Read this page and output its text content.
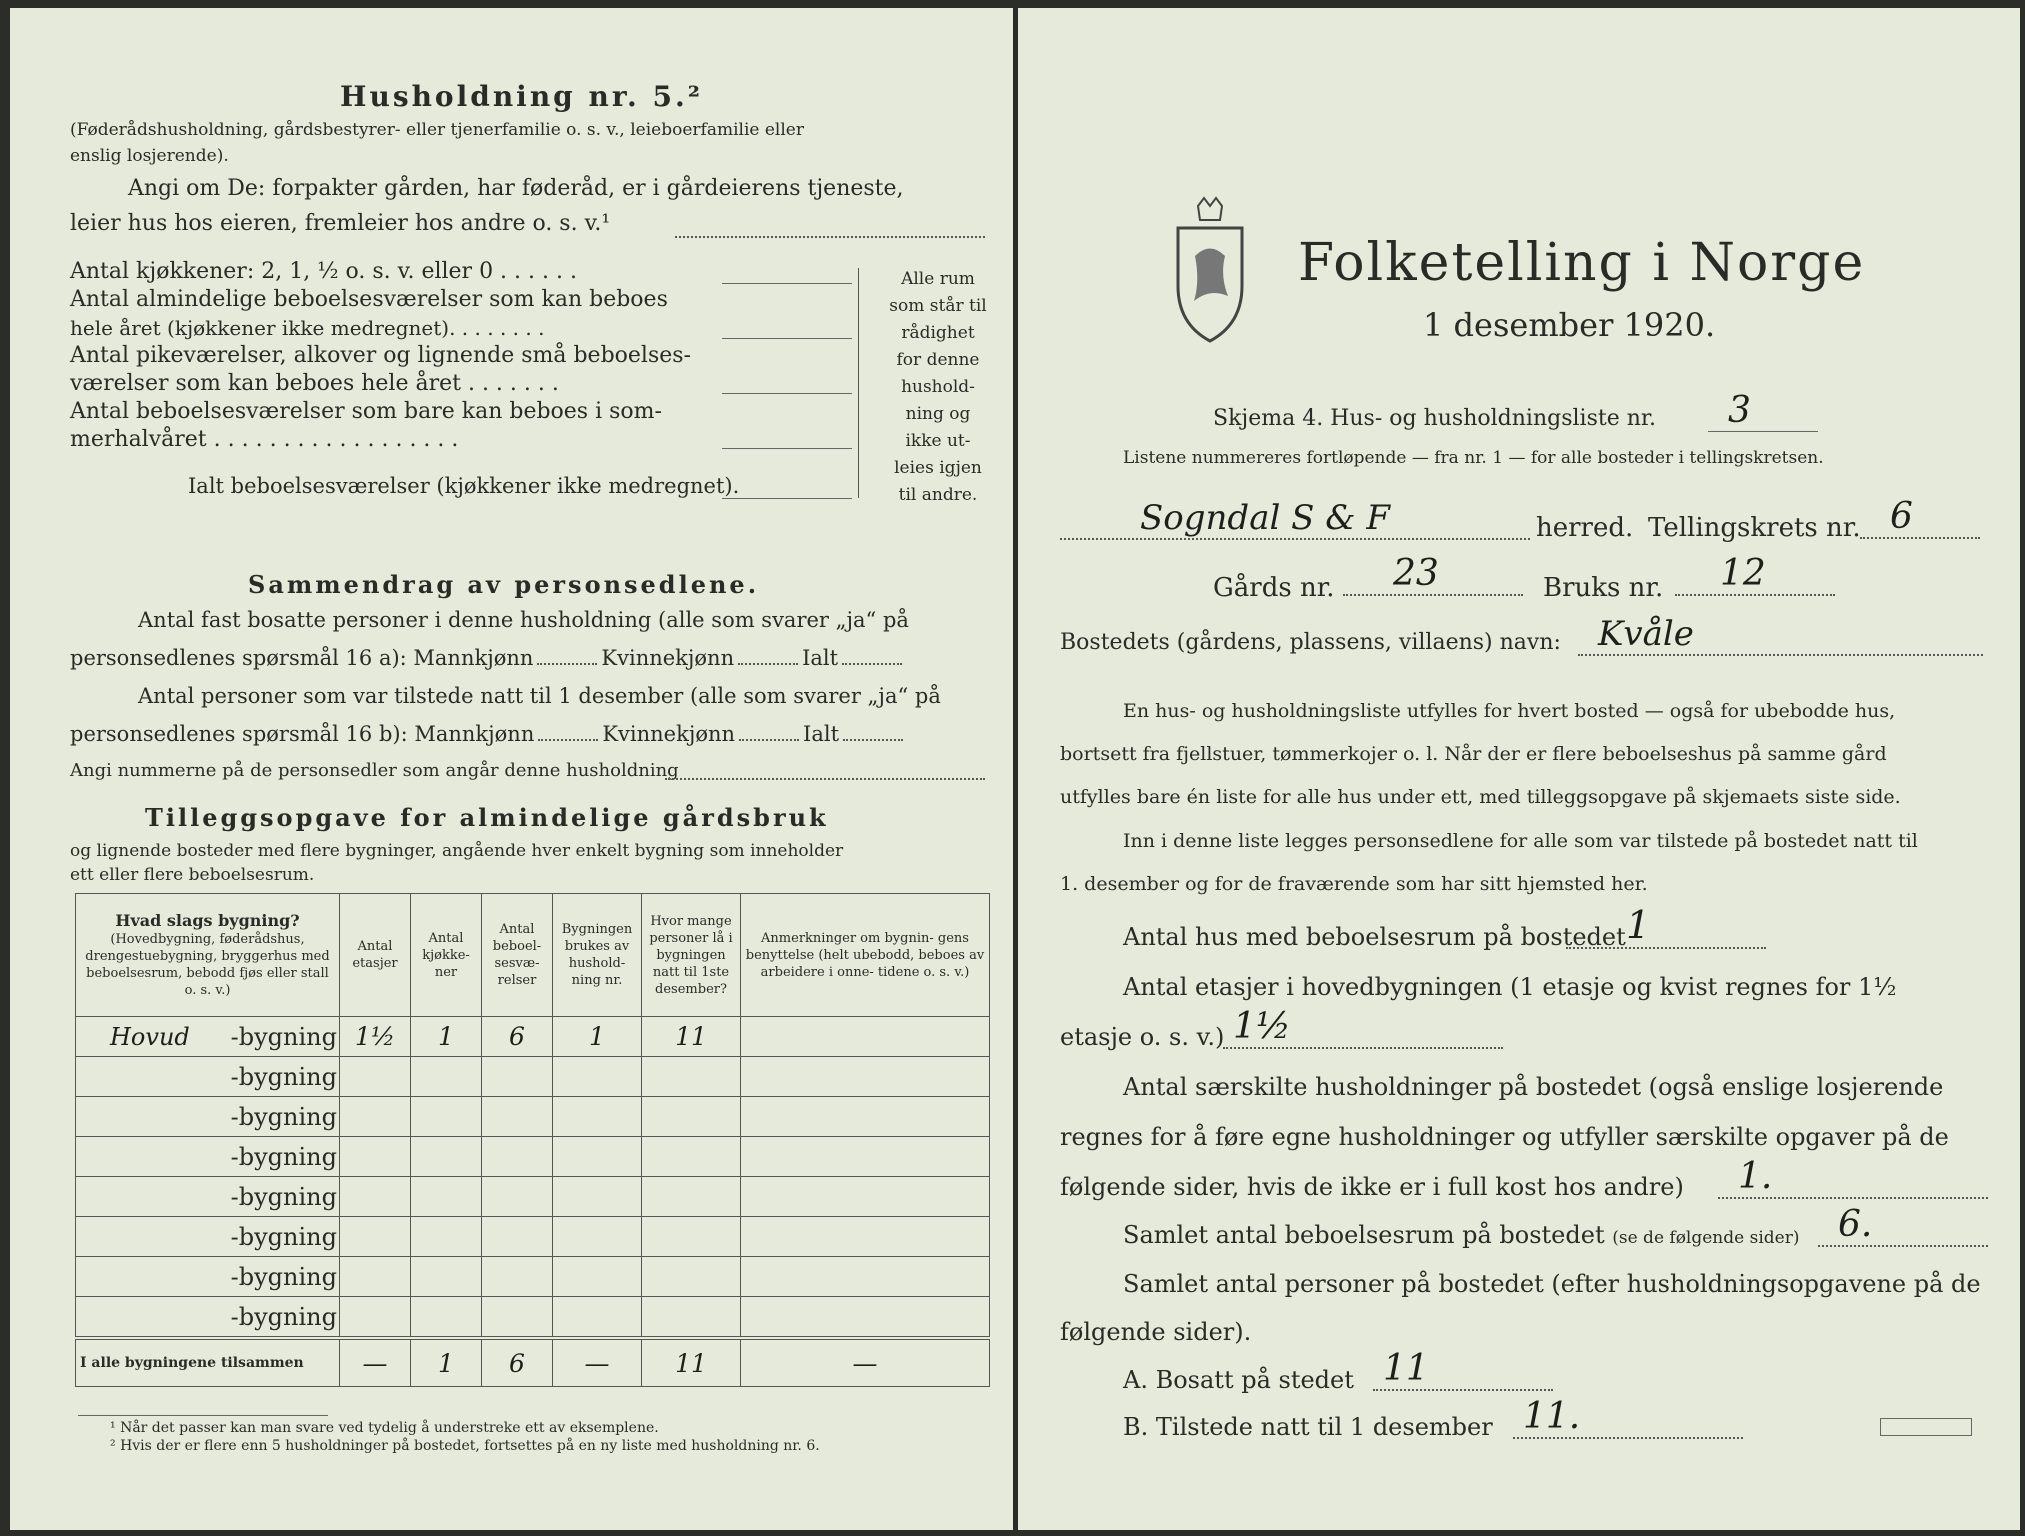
Husholdning nr. 5.²
(Føderådshusholdning, gårdsbestyrer- eller tjenerfamilie o. s. v., leieboerfamilie eller
enslig losjerende).
Angi om De: forpakter gården, har føderåd, er i gårdeierens tjeneste,
leier hus hos eieren, fremleier hos andre o. s. v.¹
Antal kjøkkener: 2, 1, ½ o. s. v. eller 0 . . . . . .
Antal almindelige beboelsesværelser som kan beboes
hele året (kjøkkener ikke medregnet). . . . . . . .
Antal pikeværelser, alkover og lignende små beboelses-
værelser som kan beboes hele året . . . . . . .
Antal beboelsesværelser som bare kan beboes i som-
merhalvåret . . . . . . . . . . . . . . . . . .
Ialt beboelsesværelser (kjøkkener ikke medregnet).
Alle rum
som står til
rådighet
for denne
hushold-
ning og
ikke ut-
leies igjen
til andre.
Sammendrag av personsedlene.
Antal fast bosatte personer i denne husholdning (alle som svarer „ja“ på
personsedlenes spørsmål 16 a): Mannkjønn	Kvinnekjønn	Ialt
Antal personer som var tilstede natt til 1 desember (alle som svarer „ja“ på
personsedlenes spørsmål 16 b): Mannkjønn	Kvinnekjønn	Ialt
Angi nummerne på de personsedler som angår denne husholdning
Tilleggsopgave for almindelige gårdsbruk
og lignende bosteder med flere bygninger, angående hver enkelt bygning som inneholder
ett eller flere beboelsesrum.
Hvad slags bygning?
(Hovedbygning, føderådshus, drengestuebygning, bryggerhus med beboelsesrum, bebodd fjøs eller stall o. s. v.)	Antal etasjer	Antal kjøkke- ner	Antal beboel- sesvæ- relser	Bygningen brukes av hushold- ning nr.	Hvor mange personer lå i bygningen natt til 1ste desember?	Anmerkninger om bygnin- gens benyttelse (helt ubebodd, beboes av arbeidere i onne- tidene o. s. v.)

Hovud -bygning	1½	1	6	1	11	
-bygning						
-bygning						
-bygning						
-bygning						
-bygning						
-bygning						
-bygning						
I alle bygningene tilsammen	—	1	6	—	11	—
¹ Når det passer kan man svare ved tydelig å understreke ett av eksemplene.
² Hvis der er flere enn 5 husholdninger på bostedet, fortsettes på en ny liste med husholdning nr. 6.
Folketelling i Norge
1 desember 1920.
Skjema 4. Hus- og husholdningsliste nr.	3
Listene nummereres fortløpende — fra nr. 1 — for alle bosteder i tellingskretsen.
Sogndal S & F	herred. Tellingskrets nr. 6
Gårds nr.	23	Bruks nr.	12
Bostedets (gårdens, plassens, villaens) navn:	Kvåle
En hus- og husholdningsliste utfylles for hvert bosted — også for ubebodde hus,
bortsett fra fjellstuer, tømmerkojer o. l. Når der er flere beboelseshus på samme gård
utfylles bare én liste for alle hus under ett, med tilleggsopgave på skjemaets siste side.
Inn i denne liste legges personsedlene for alle som var tilstede på bostedet natt til
1. desember og for de fraværende som har sitt hjemsted her.
Antal hus med beboelsesrum på bostedet 1
Antal etasjer i hovedbygningen (1 etasje og kvist regnes for 1½
etasje o. s. v.) 1½
Antal særskilte husholdninger på bostedet (også enslige losjerende
regnes for å føre egne husholdninger og utfyller særskilte opgaver på de
følgende sider, hvis de ikke er i full kost hos andre)	1.
Samlet antal beboelsesrum på bostedet (se de følgende sider)	6.
Samlet antal personer på bostedet (efter husholdningsopgavene på de
følgende sider).
A. Bosatt på stedet 11
B. Tilstede natt til 1 desember 11.
